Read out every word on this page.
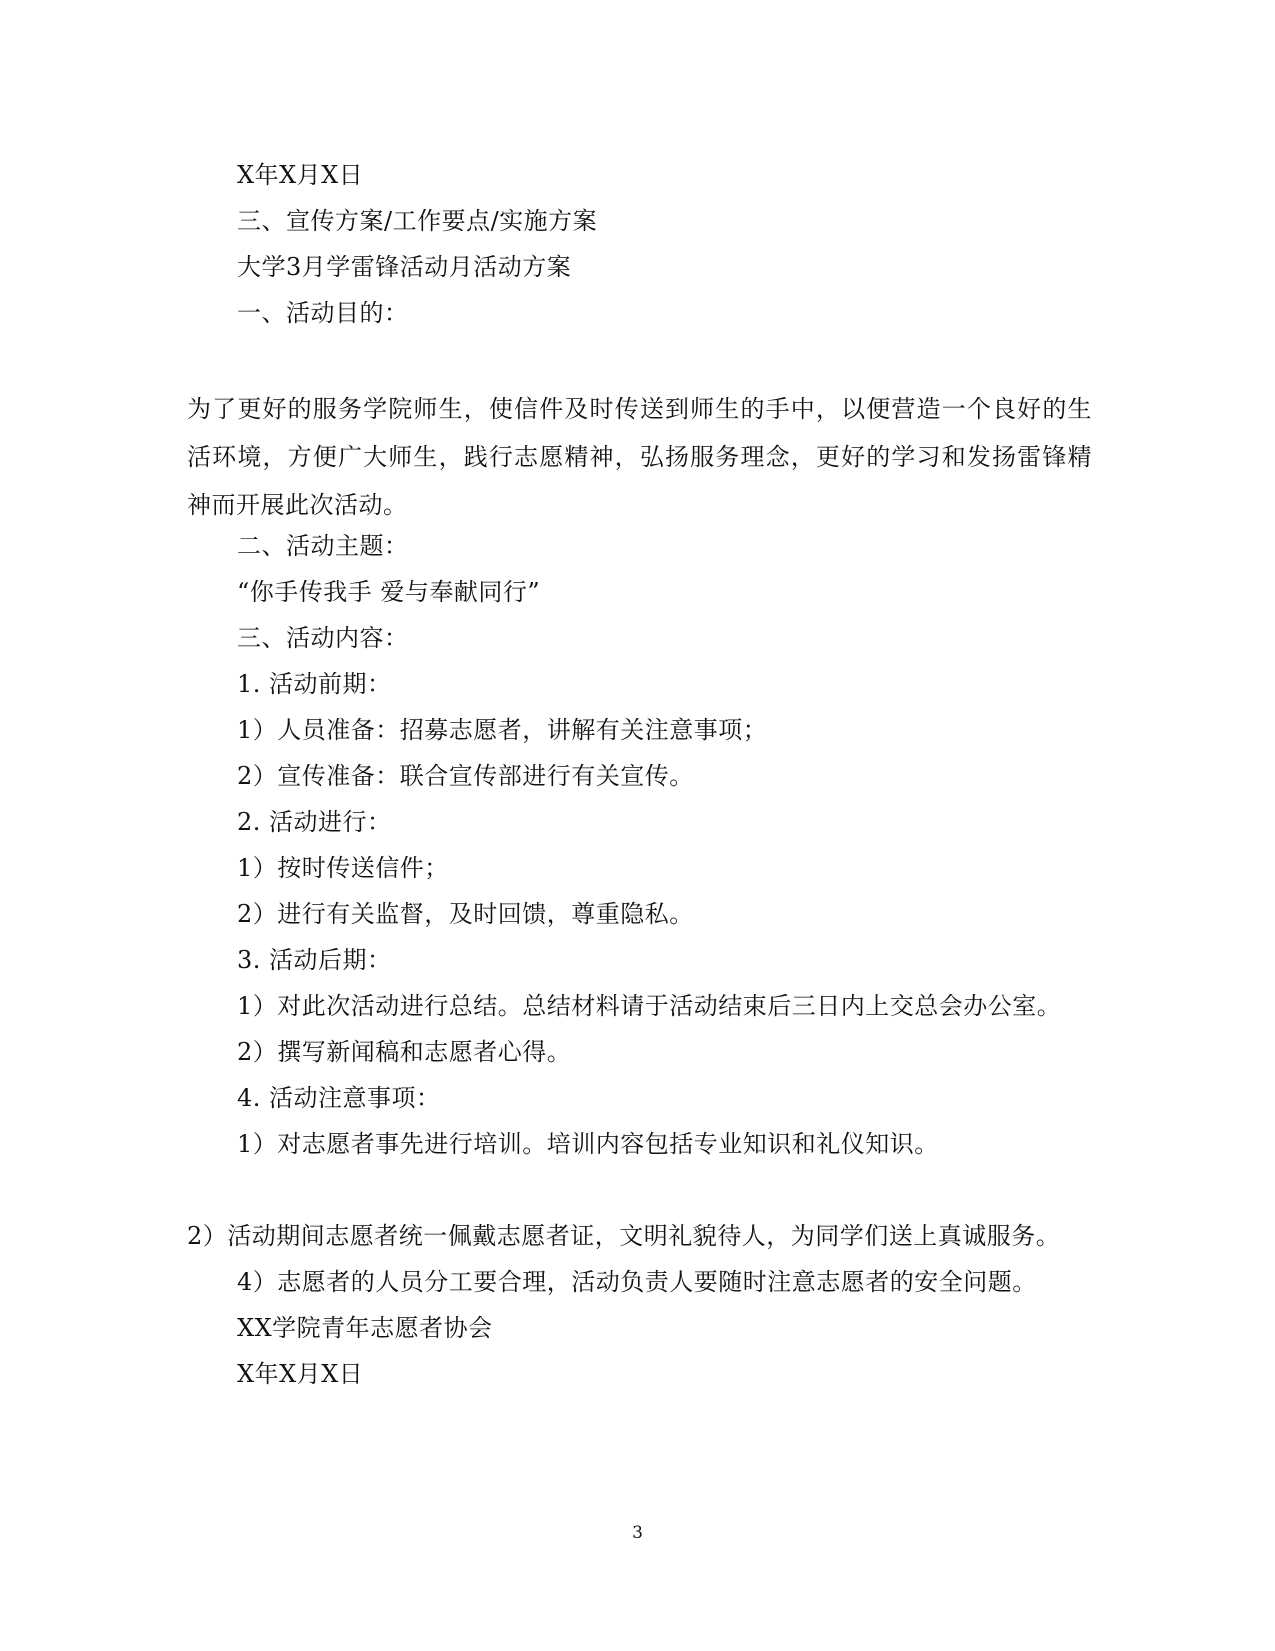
X年X月X日
三、宣传方案/工作要点/实施方案
大学3月学雷锋活动月活动方案
一、活动目的：
为了更好的服务学院师生，使信件及时传送到师生的手中，以便营造一个良好的生活环境，方便广大师生，践行志愿精神，弘扬服务理念，更好的学习和发扬雷锋精神而开展此次活动。
二、活动主题：
“你手传我手 爱与奉献同行”
三、活动内容：
1. 活动前期：
1）人员准备：招募志愿者，讲解有关注意事项；
2）宣传准备：联合宣传部进行有关宣传。
2. 活动进行：
1）按时传送信件；
2）进行有关监督，及时回馈，尊重隐私。
3. 活动后期：
1）对此次活动进行总结。总结材料请于活动结束后三日内上交总会办公室。
2）撰写新闻稿和志愿者心得。
4. 活动注意事项：
1）对志愿者事先进行培训。培训内容包括专业知识和礼仪知识。
2）活动期间志愿者统一佩戴志愿者证，文明礼貌待人，为同学们送上真诚服务。
4）志愿者的人员分工要合理，活动负责人要随时注意志愿者的安全问题。
XX学院青年志愿者协会
X年X月X日
3
